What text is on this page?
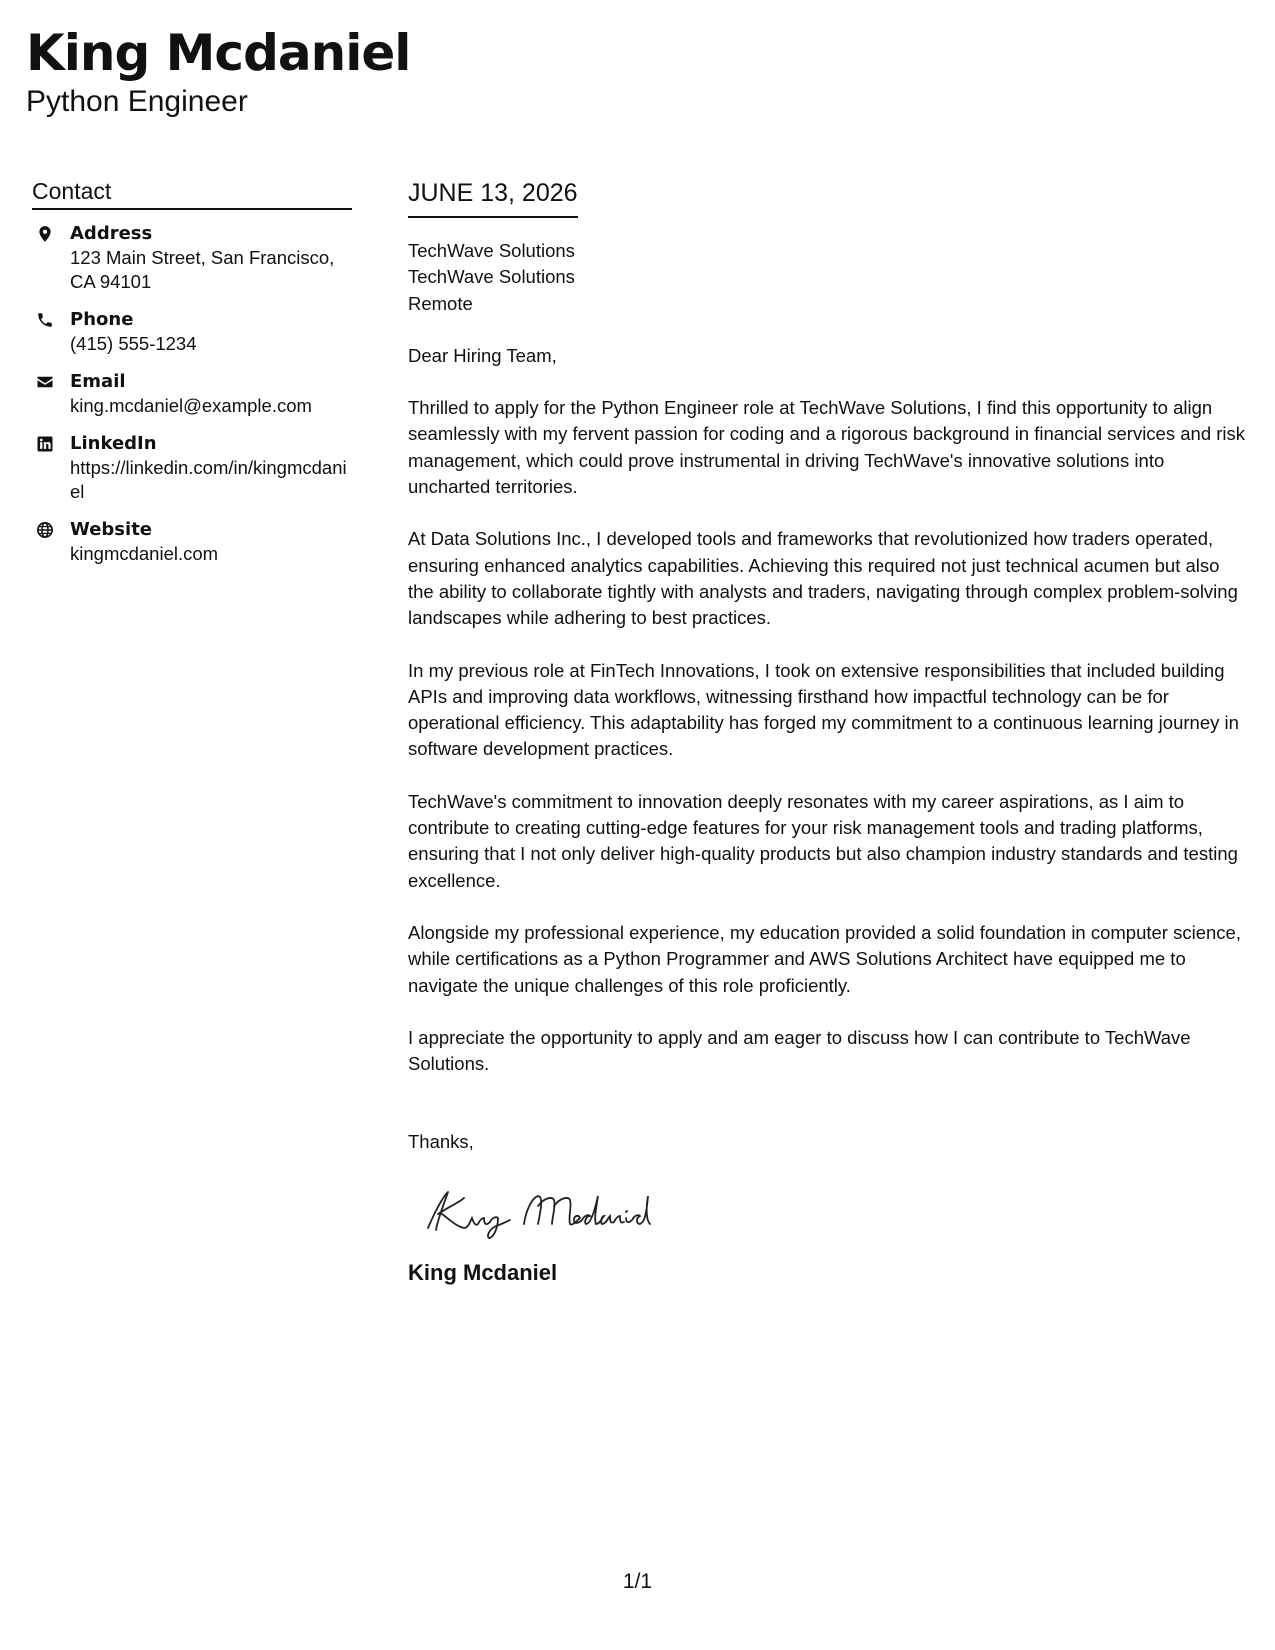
King Mcdaniel
Python Engineer
Contact
Address
123 Main Street, San Francisco, CA 94101
Phone
(415) 555-1234
Email
king.mcdaniel@example.com
LinkedIn
https://linkedin.com/in/kingmcdaniel
Website
kingmcdaniel.com
JUNE 13, 2026
TechWave Solutions
TechWave Solutions
Remote
Dear Hiring Team,

Thrilled to apply for the Python Engineer role at TechWave Solutions, I find this opportunity to align seamlessly with my fervent passion for coding and a rigorous background in financial services and risk management, which could prove instrumental in driving TechWave's innovative solutions into uncharted territories.

At Data Solutions Inc., I developed tools and frameworks that revolutionized how traders operated, ensuring enhanced analytics capabilities. Achieving this required not just technical acumen but also the ability to collaborate tightly with analysts and traders, navigating through complex problem-solving landscapes while adhering to best practices.

In my previous role at FinTech Innovations, I took on extensive responsibilities that included building APIs and improving data workflows, witnessing firsthand how impactful technology can be for operational efficiency. This adaptability has forged my commitment to a continuous learning journey in software development practices.

TechWave's commitment to innovation deeply resonates with my career aspirations, as I aim to contribute to creating cutting-edge features for your risk management tools and trading platforms, ensuring that I not only deliver high-quality products but also champion industry standards and testing excellence.

Alongside my professional experience, my education provided a solid foundation in computer science, while certifications as a Python Programmer and AWS Solutions Architect have equipped me to navigate the unique challenges of this role proficiently.

I appreciate the opportunity to apply and am eager to discuss how I can contribute to TechWave Solutions.

Thanks,
King Mcdaniel
1/1
